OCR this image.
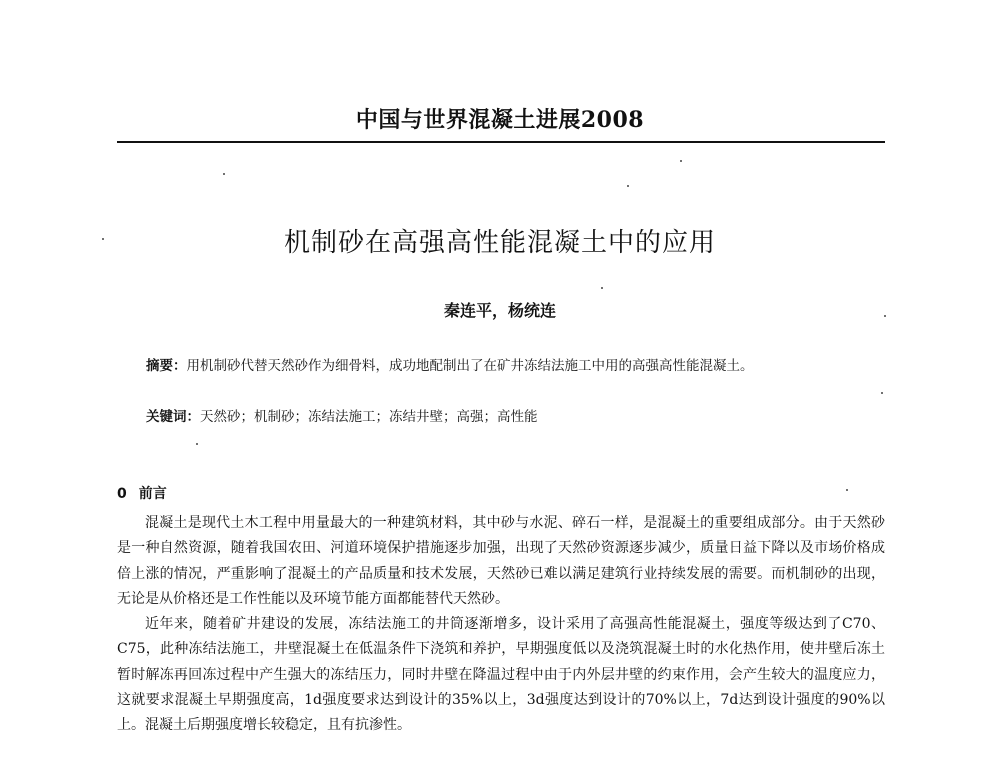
中国与世界混凝土进展2008
机制砂在高强高性能混凝土中的应用
秦连平，杨统连
摘要：用机制砂代替天然砂作为细骨料，成功地配制出了在矿井冻结法施工中用的高强高性能混凝土。
关键词：天然砂；机制砂；冻结法施工；冻结井壁；高强；高性能
0 前言

混凝土是现代土木工程中用量最大的一种建筑材料，其中砂与水泥、碎石一样，是混凝土的重要组成部分。由于天然砂是一种自然资源，随着我国农田、河道环境保护措施逐步加强，出现了天然砂资源逐步减少，质量日益下降以及市场价格成倍上涨的情况，严重影响了混凝土的产品质量和技术发展，天然砂已难以满足建筑行业持续发展的需要。而机制砂的出现，无论是从价格还是工作性能以及环境节能方面都能替代天然砂。

近年来，随着矿井建设的发展，冻结法施工的井筒逐渐增多，设计采用了高强高性能混凝土，强度等级达到了C70、C75，此种冻结法施工，井壁混凝土在低温条件下浇筑和养护，早期强度低以及浇筑混凝土时的水化热作用，使井壁后冻土暂时解冻再回冻过程中产生强大的冻结压力，同时井壁在降温过程中由于内外层井壁的约束作用，会产生较大的温度应力，这就要求混凝土早期强度高，1d强度要求达到设计的35%以上，3d强度达到设计的70%以上，7d达到设计强度的90%以上。混凝土后期强度增长较稳定，且有抗渗性。
